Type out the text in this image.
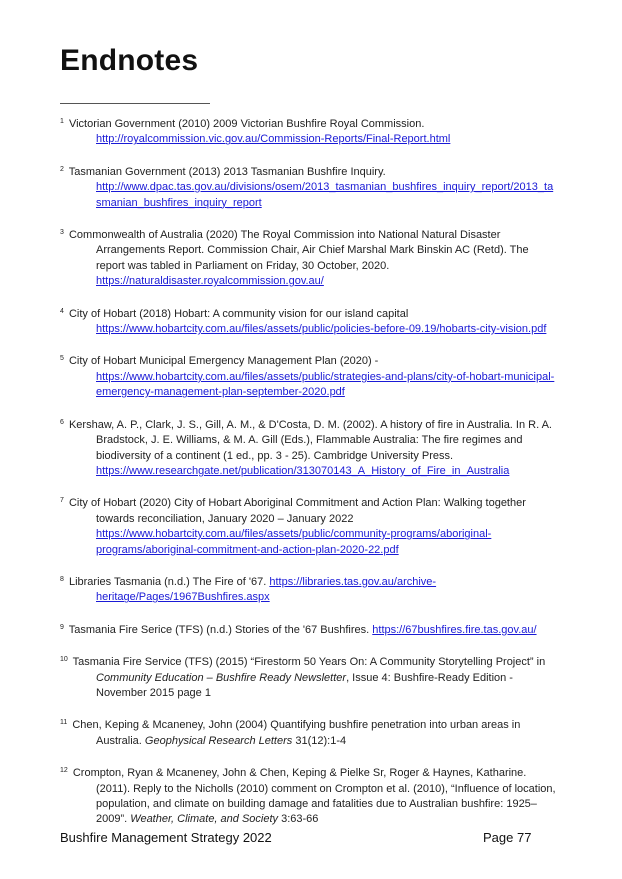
Endnotes
$^1$ Victorian Government (2010) 2009 Victorian Bushfire Royal Commission.
http://royalcommission.vic.gov.au/Commission-Reports/Final-Report.html
$^2$ Tasmanian Government (2013) 2013 Tasmanian Bushfire Inquiry.
http://www.dpac.tas.gov.au/divisions/osem/2013_tasmanian_bushfires_inquiry_report/2013_ta
smanian_bushfires_inquiry_report
$^3$ Commonwealth of Australia (2020) The Royal Commission into National Natural Disaster
Arrangements Report. Commission Chair, Air Chief Marshal Mark Binskin AC (Retd). The
report was tabled in Parliament on Friday, 30 October, 2020.
https://naturaldisaster.royalcommission.gov.au/
$^4$ City of Hobart (2018) Hobart: A community vision for our island capital
https://www.hobartcity.com.au/files/assets/public/policies-before-09.19/hobarts-city-vision.pdf
$^5$ City of Hobart Municipal Emergency Management Plan (2020) -
https://www.hobartcity.com.au/files/assets/public/strategies-and-plans/city-of-hobart-municipal-
emergency-management-plan-september-2020.pdf
$^6$ Kershaw, A. P., Clark, J. S., Gill, A. M., & D'Costa, D. M. (2002). A history of fire in Australia. In R. A.
Bradstock, J. E. Williams, & M. A. Gill (Eds.), Flammable Australia: The fire regimes and
biodiversity of a continent (1 ed., pp. 3 - 25). Cambridge University Press.
https://www.researchgate.net/publication/313070143_A_History_of_Fire_in_Australia
$^7$ City of Hobart (2020) City of Hobart Aboriginal Commitment and Action Plan: Walking together
towards reconciliation, January 2020 – January 2022
https://www.hobartcity.com.au/files/assets/public/community-programs/aboriginal-
programs/aboriginal-commitment-and-action-plan-2020-22.pdf
$^8$ Libraries Tasmania (n.d.) The Fire of '67. https://libraries.tas.gov.au/archive-
heritage/Pages/1967Bushfires.aspx
$^9$ Tasmania Fire Serice (TFS) (n.d.) Stories of the '67 Bushfires. https://67bushfires.fire.tas.gov.au/
$^{10}$ Tasmania Fire Service (TFS) (2015) “Firestorm 50 Years On: A Community Storytelling Project” in
Community Education – Bushfire Ready Newsletter, Issue 4: Bushfire-Ready Edition -
November 2015 page 1
$^{11}$ Chen, Keping & Mcaneney, John (2004) Quantifying bushfire penetration into urban areas in
Australia. Geophysical Research Letters 31(12):1-4
$^{12}$ Crompton, Ryan & Mcaneney, John & Chen, Keping & Pielke Sr, Roger & Haynes, Katharine.
(2011). Reply to the Nicholls (2010) comment on Crompton et al. (2010), “Influence of location,
population, and climate on building damage and fatalities due to Australian bushfire: 1925–
2009”. Weather, Climate, and Society 3:63-66
Bushfire Management Strategy 2022	Page 77
